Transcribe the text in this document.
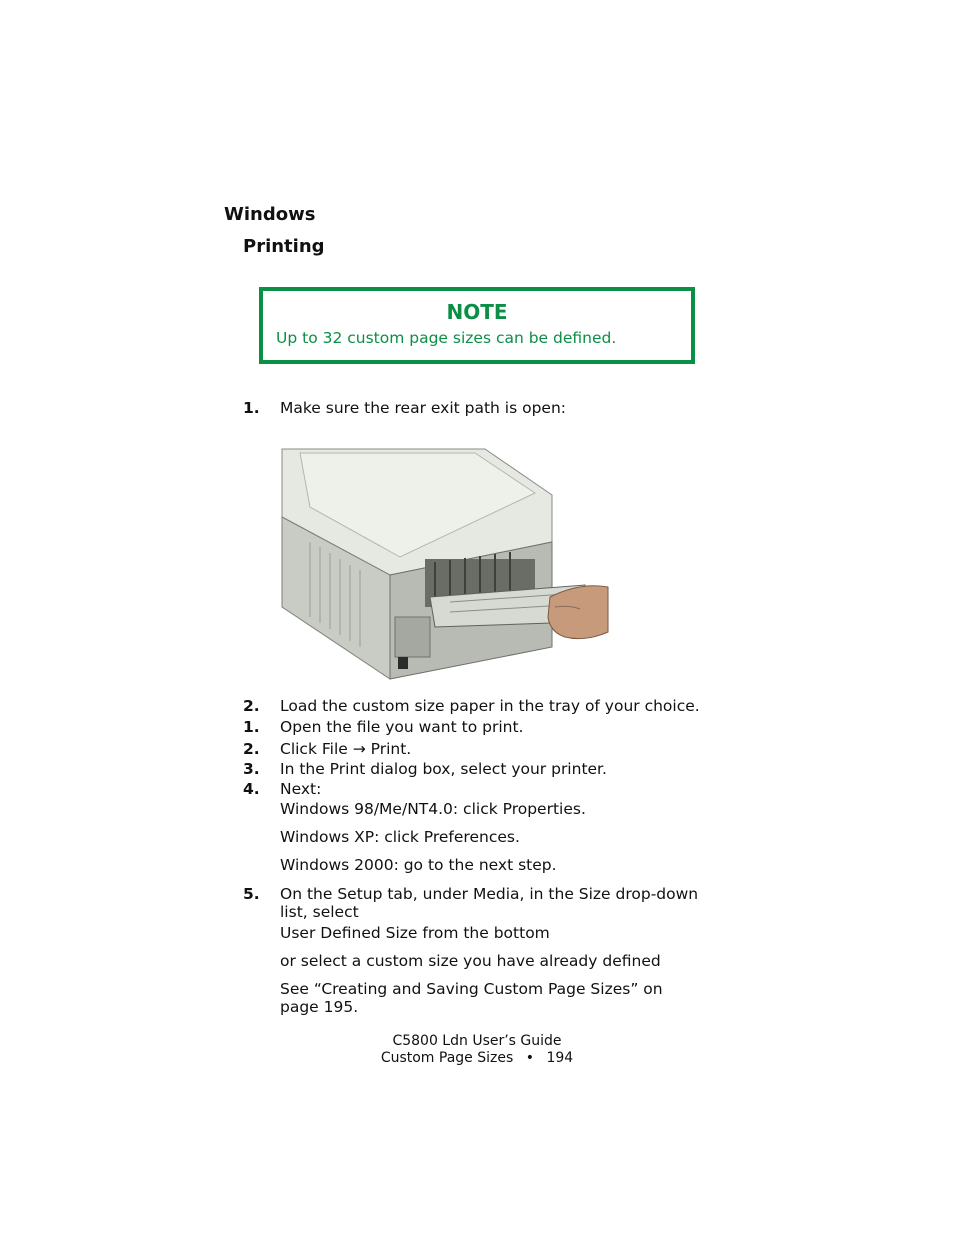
Windows
Printing
NOTE
Up to 32 custom page sizes can be defined.
1. Make sure the rear exit path is open:
2. Load the custom size paper in the tray of your choice.
1. Open the file you want to print.
2. Click File → Print.
3. In the Print dialog box, select your printer.
4. Next:
Windows 98/Me/NT4.0: click Properties.
Windows XP: click Preferences.
Windows 2000: go to the next step.
5. On the Setup tab, under Media, in the Size drop-down
list, select
User Defined Size from the bottom
or select a custom size you have already defined
See “Creating and Saving Custom Page Sizes” on
page 195.
C5800 Ldn User’s Guide
Custom Page Sizes • 194
